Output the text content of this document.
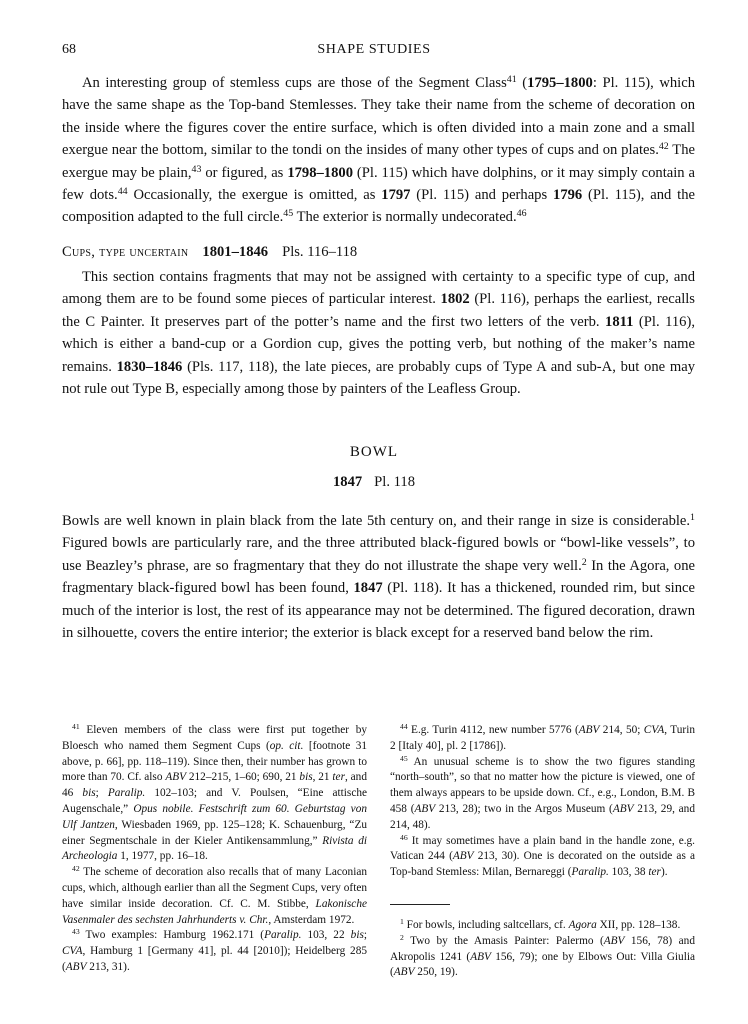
68	SHAPE STUDIES

An interesting group of stemless cups are those of the Segment Class$^{41}$ (1795–1800: Pl. 115), which have the same shape as the Top-band Stemlesses. They take their name from the scheme of decoration on the inside where the figures cover the entire surface, which is often divided into a main zone and a small exergue near the bottom, similar to the tondi on the insides of many other types of cups and on plates.$^{42}$ The exergue may be plain,$^{43}$ or figured, as 1798–1800 (Pl. 115) which have dolphins, or it may simply contain a few dots.$^{44}$ Occasionally, the exergue is omitted, as 1797 (Pl. 115) and perhaps 1796 (Pl. 115), and the composition adapted to the full circle.$^{45}$ The exterior is normally undecorated.$^{46}$

Cups, type uncertain 1801–1846 Pls. 116–118

This section contains fragments that may not be assigned with certainty to a specific type of cup, and among them are to be found some pieces of particular interest. 1802 (Pl. 116), perhaps the earliest, recalls the C Painter. It preserves part of the potter’s name and the first two letters of the verb. 1811 (Pl. 116), which is either a band-cup or a Gordion cup, gives the potting verb, but nothing of the maker’s name remains. 1830–1846 (Pls. 117, 118), the late pieces, are probably cups of Type A and sub-A, but one may not rule out Type B, especially among those by painters of the Leafless Group.

BOWL
1847 Pl. 118

Bowls are well known in plain black from the late 5th century on, and their range in size is considerable.$^1$ Figured bowls are particularly rare, and the three attributed black-figured bowls or “bowl-like vessels”, to use Beazley’s phrase, are so fragmentary that they do not illustrate the shape very well.$^2$ In the Agora, one fragmentary black-figured bowl has been found, 1847 (Pl. 118). It has a thickened, rounded rim, but since much of the interior is lost, the rest of its appearance may not be determined. The figured decoration, drawn in silhouette, covers the entire interior; the exterior is black except for a reserved band below the rim.

$^{41}$ Eleven members of the class were first put together by Bloesch who named them Segment Cups (op. cit. [footnote 31 above, p. 66], pp. 118–119). Since then, their number has grown to more than 70. Cf. also ABV 212–215, 1–60; 690, 21 bis, 21 ter, and 46 bis; Paralip. 102–103; and V. Poulsen, “Eine attische Augenschale,” Opus nobile. Festschrift zum 60. Geburtstag von Ulf Jantzen, Wiesbaden 1969, pp. 125–128; K. Schauenburg, “Zu einer Segmentschale in der Kieler Antikensammlung,” Rivista di Archeologia 1, 1977, pp. 16–18.

$^{42}$ The scheme of decoration also recalls that of many Laconian cups, which, although earlier than all the Segment Cups, very often have similar inside decoration. Cf. C. M. Stibbe, Lakonische Vasenmaler des sechsten Jahrhunderts v. Chr., Amsterdam 1972.

$^{43}$ Two examples: Hamburg 1962.171 (Paralip. 103, 22 bis; CVA, Hamburg 1 [Germany 41], pl. 44 [2010]); Heidelberg 285 (ABV 213, 31).

$^{44}$ E.g. Turin 4112, new number 5776 (ABV 214, 50; CVA, Turin 2 [Italy 40], pl. 2 [1786]).

$^{45}$ An unusual scheme is to show the two figures standing “north–south”, so that no matter how the picture is viewed, one of them always appears to be upside down. Cf., e.g., London, B.M. B 458 (ABV 213, 28); two in the Argos Museum (ABV 213, 29, and 214, 48).

$^{46}$ It may sometimes have a plain band in the handle zone, e.g. Vatican 244 (ABV 213, 30). One is decorated on the outside as a Top-band Stemless: Milan, Bernareggi (Paralip. 103, 38 ter).

$^1$ For bowls, including saltcellars, cf. Agora XII, pp. 128–138.

$^2$ Two by the Amasis Painter: Palermo (ABV 156, 78) and Akropolis 1241 (ABV 156, 79); one by Elbows Out: Villa Giulia (ABV 250, 19).
